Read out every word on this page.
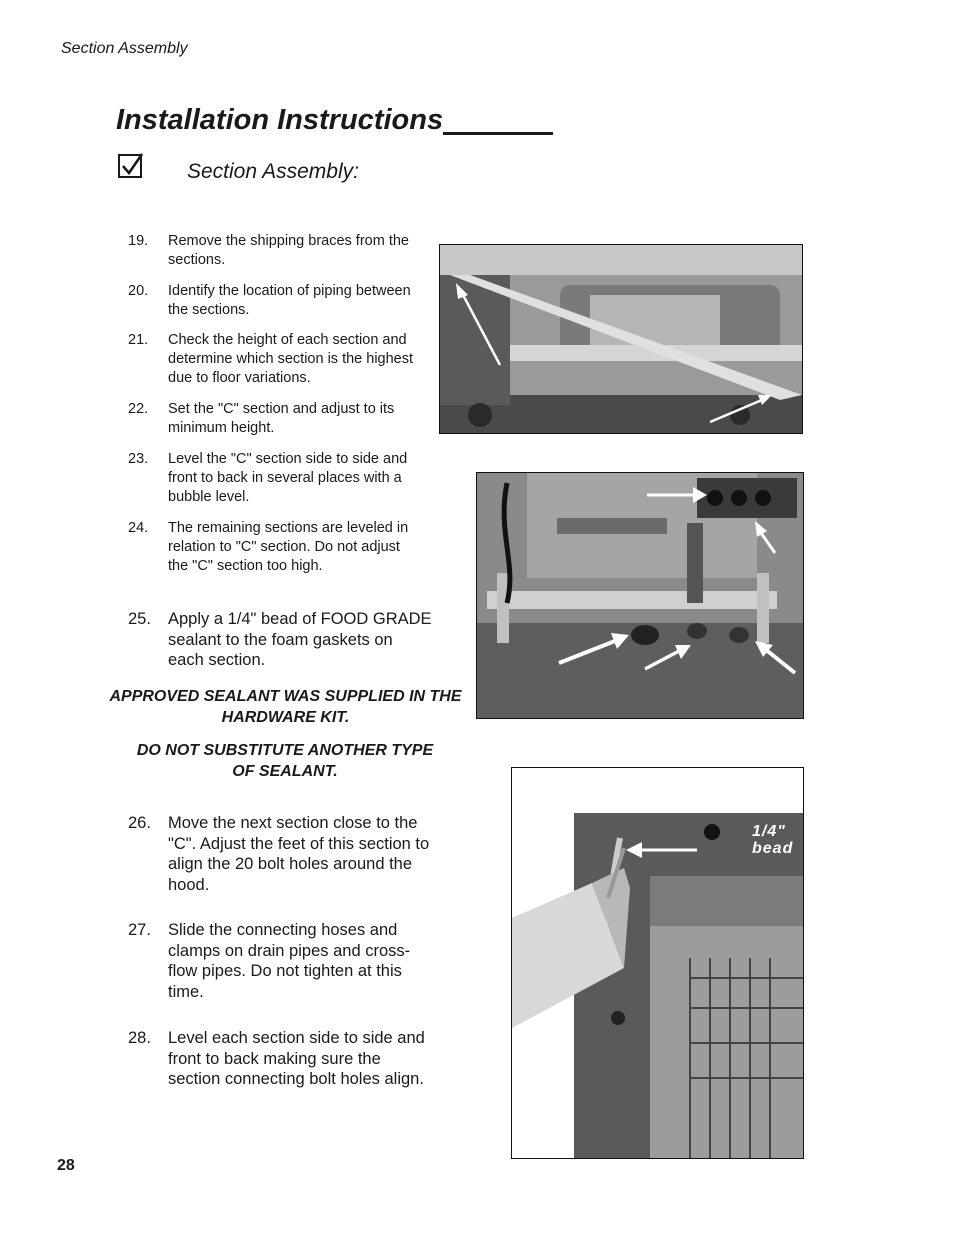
Section Assembly
Installation Instructions
Section Assembly:
19.	Remove the shipping braces from the sections.
20.	Identify the location of piping between the sections.
21.	Check the height of each section and determine which section is the highest due to floor variations.
22.	Set the "C" section and adjust to its minimum height.
23.	Level the "C" section side to side and front to back in several places with a bubble level.
24.	The remaining sections are leveled in relation to "C" section. Do not adjust the "C" section too high.
25.	Apply a 1/4" bead of FOOD GRADE sealant to the foam gaskets on each section.
APPROVED SEALANT WAS SUPPLIED IN THE HARDWARE KIT.
DO NOT SUBSTITUTE ANOTHER TYPE OF SEALANT.
26.	Move the next section close to the "C". Adjust the feet of this section to align the 20 bolt holes around the hood.
27.	Slide the connecting hoses and clamps on drain pipes and cross-flow pipes. Do not tighten at this time.
28.	Level each section side to side and front to back making sure the section connecting bolt holes align.
1/4"
bead
28
